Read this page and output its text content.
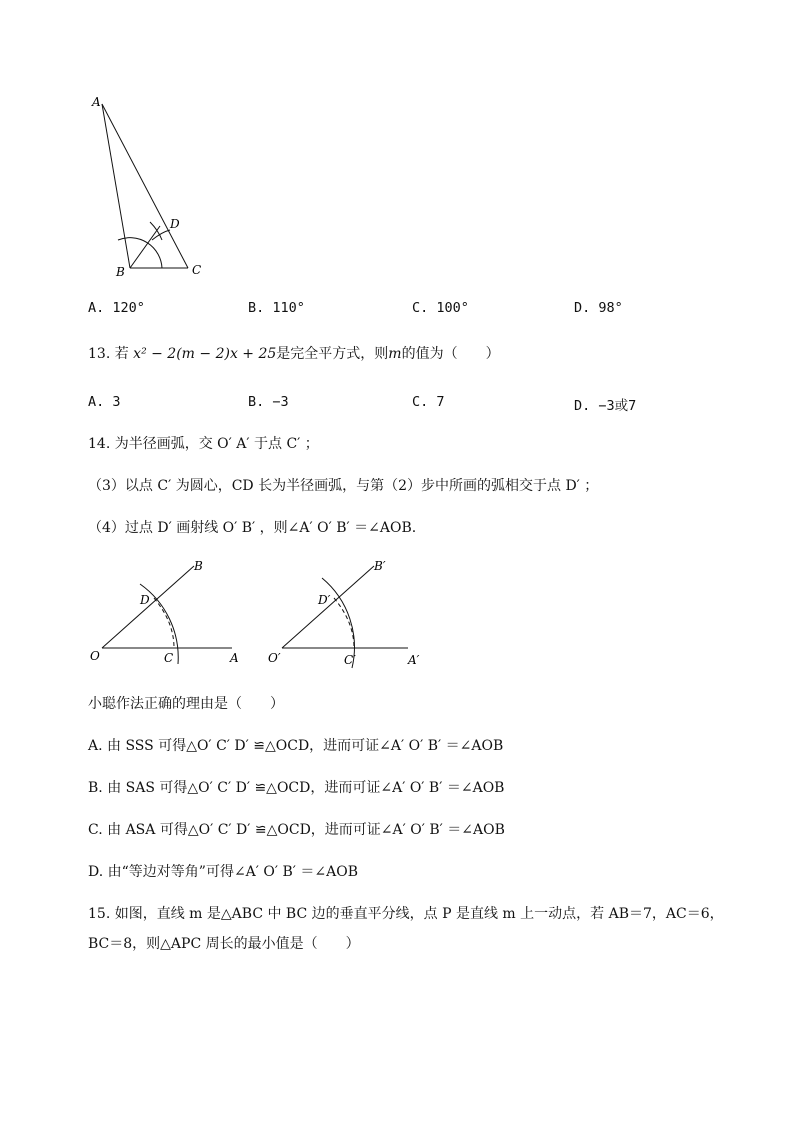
A
B	C
D
A. 120°	B. 110°	C. 100°	D. 98°
13. 若 x² − 2(m − 2)x + 25是完全平方式，则m的值为（　　）
A. 3	B. −3	C. 7	D. −3或7
14. 为半径画弧，交 O′ A′ 于点 C′ ；
（3）以点 C′ 为圆心，CD 长为半径画弧，与第（2）步中所画的弧相交于点 D′ ；
（4）过点 D′ 画射线 O′ B′ ，则∠A′ O′ B′ ＝∠AOB.
O	C	A
D
B
O′	C′	A′
D′
B′
小聪作法正确的理由是（　　）
A. 由 SSS 可得△O′ C′ D′ ≌△OCD，进而可证∠A′ O′ B′ ＝∠AOB
B. 由 SAS 可得△O′ C′ D′ ≌△OCD，进而可证∠A′ O′ B′ ＝∠AOB
C. 由 ASA 可得△O′ C′ D′ ≌△OCD，进而可证∠A′ O′ B′ ＝∠AOB
D. 由“等边对等角”可得∠A′ O′ B′ ＝∠AOB
15. 如图，直线 m 是△ABC 中 BC 边的垂直平分线，点 P 是直线 m 上一动点，若 AB＝7，AC＝6，
BC＝8，则△APC 周长的最小值是（　　）
